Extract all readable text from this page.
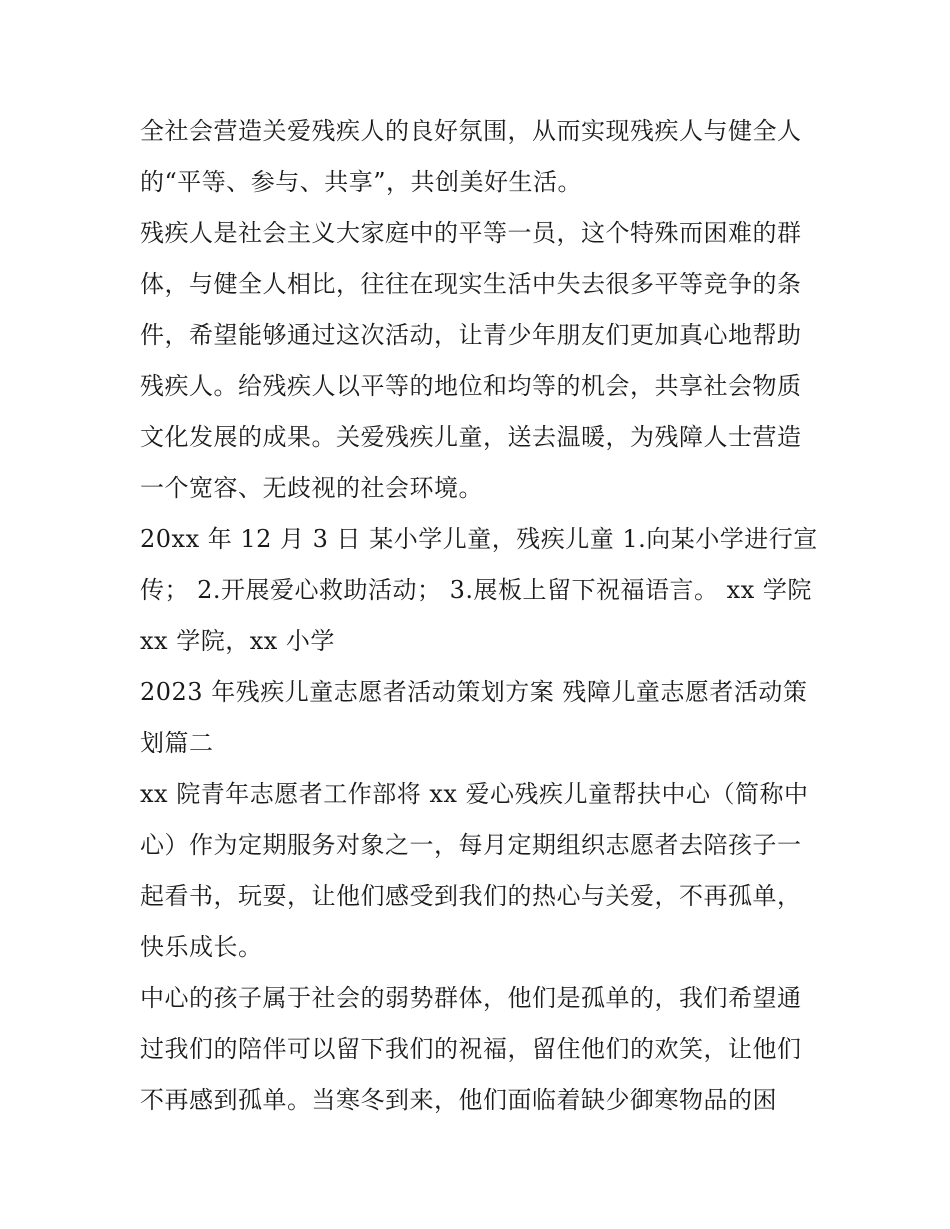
全社会营造关爱残疾人的良好氛围，从而实现残疾人与健全人
的“平等、参与、共享”，共创美好生活。
残疾人是社会主义大家庭中的平等一员，这个特殊而困难的群
体，与健全人相比，往往在现实生活中失去很多平等竞争的条
件，希望能够通过这次活动，让青少年朋友们更加真心地帮助
残疾人。给残疾人以平等的地位和均等的机会，共享社会物质
文化发展的成果。关爱残疾儿童，送去温暖，为残障人士营造
一个宽容、无歧视的社会环境。
20xx 年 12 月 3 日 某小学儿童，残疾儿童 1.向某小学进行宣
传； 2.开展爱心救助活动； 3.展板上留下祝福语言。 xx 学院
xx 学院，xx 小学
2023 年残疾儿童志愿者活动策划方案 残障儿童志愿者活动策
划篇二
xx 院青年志愿者工作部将 xx 爱心残疾儿童帮扶中心（简称中
心）作为定期服务对象之一，每月定期组织志愿者去陪孩子一
起看书，玩耍，让他们感受到我们的热心与关爱，不再孤单，
快乐成长。
中心的孩子属于社会的弱势群体，他们是孤单的，我们希望通
过我们的陪伴可以留下我们的祝福，留住他们的欢笑，让他们
不再感到孤单。当寒冬到来，他们面临着缺少御寒物品的困
